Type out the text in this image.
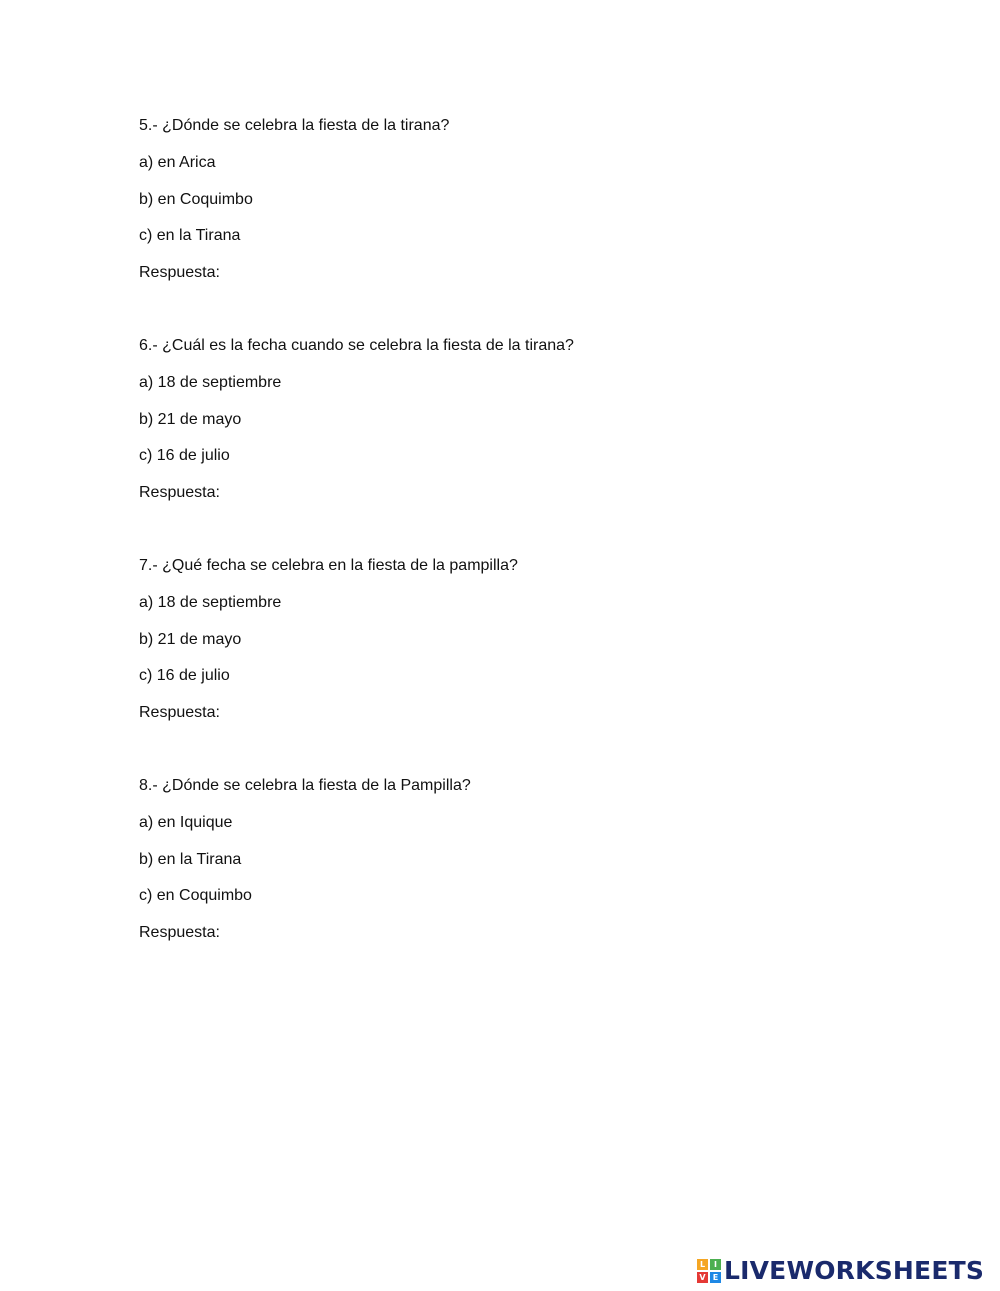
5.- ¿Dónde se celebra la fiesta de la tirana?
a) en Arica
b) en Coquimbo
c) en la Tirana
Respuesta:
6.- ¿Cuál es la fecha cuando se celebra la fiesta de la tirana?
a) 18 de septiembre
b) 21 de mayo
c) 16 de julio
Respuesta:
7.- ¿Qué fecha se celebra en la fiesta de la pampilla?
a) 18 de septiembre
b) 21 de mayo
c) 16 de julio
Respuesta:
8.- ¿Dónde se celebra la fiesta de la Pampilla?
a) en Iquique
b) en la Tirana
c) en Coquimbo
Respuesta:
L	I
V E LIVEWORKSHEETS
